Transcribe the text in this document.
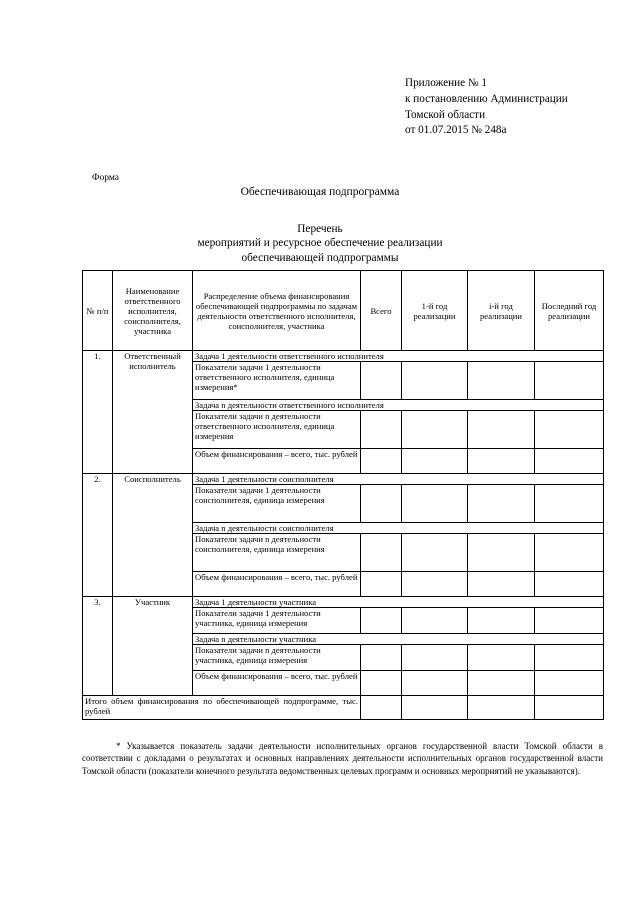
Приложение № 1
к постановлению Администрации
Томской области
от 01.07.2015 № 248а
Форма
Обеспечивающая подпрограмма
Перечень
мероприятий и ресурсное обеспечение реализации
обеспечивающей подпрограммы
№ п/п	Наименование ответственного исполнителя, соисполнителя, участника	Распределение объема финансирования обеспечивающей подпрограммы по задачам деятельности ответственного исполнителя, соисполнителя, участника	Всего	1-й год реализации	i-й год реализации	Последний год реализации
1.	Ответственный исполнитель	Задача 1 деятельности ответственного исполнителя				
		Показатели задачи 1 деятельности ответственного исполнителя, единица измерения*				
		Задача n деятельности ответственного исполнителя				
		Показатели задачи n деятельности ответственного исполнителя, единица измерения				
		Объем финансирования – всего, тыс. рублей				
2.	Соисполнитель	Задача 1 деятельности соисполнителя				
		Показатели задачи 1 деятельности соисполнителя, единица измерения				
		Задача n деятельности соисполнителя				
		Показатели задачи n деятельности соисполнителя, единица измерения				
		Объем финансирования – всего, тыс. рублей				
3.	Участник	Задача 1 деятельности участника				
		Показатели задачи 1 деятельности участника, единица измерения				
		Задача n деятельности участника				
		Показатели задачи n деятельности участника, единица измерения				
		Объем финансирования – всего, тыс. рублей				
Итого объем финансирования по обеспечивающей подпрограмме, тыс. рублей						
* Указывается показатель задачи деятельности исполнительных органов государственной власти Томской области в соответствии с докладами о результатах и основных направлениях деятельности исполнительных органов государственной власти Томской области (показатели конечного результата ведомственных целевых программ и основных мероприятий не указываются).
